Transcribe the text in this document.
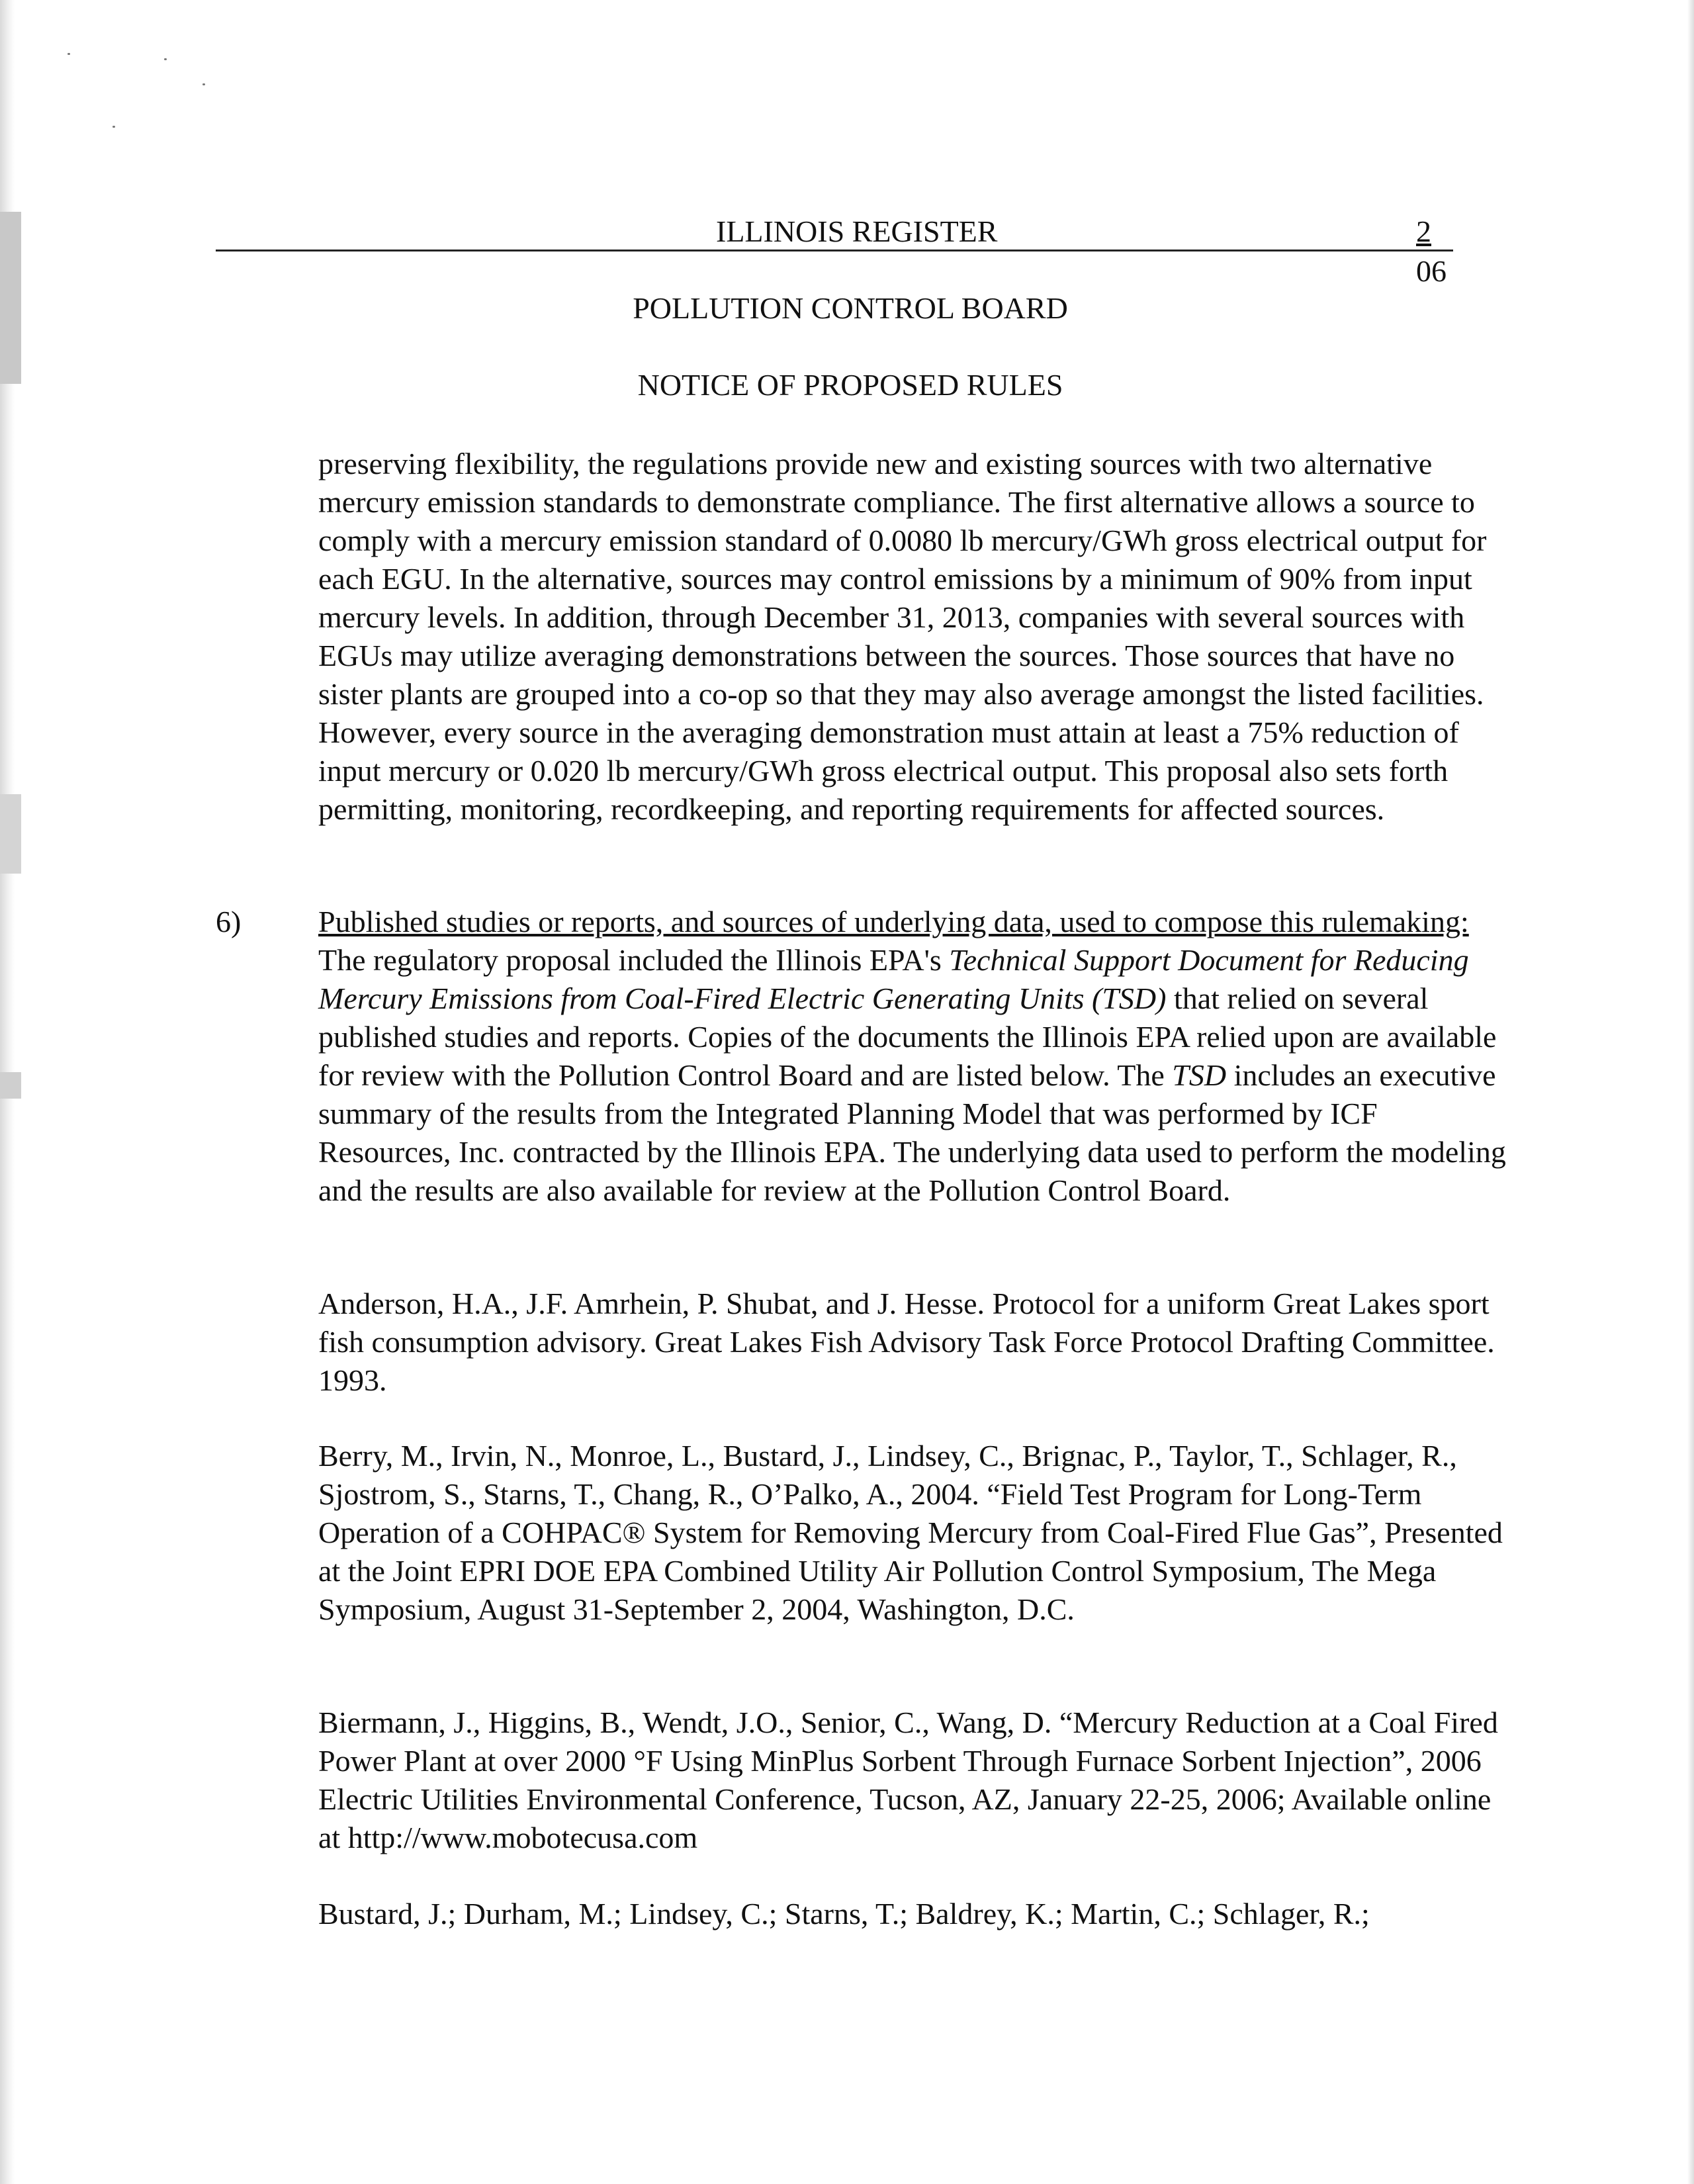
ILLINOIS REGISTER	2
06
POLLUTION CONTROL BOARD
NOTICE OF PROPOSED RULES

preserving flexibility, the regulations provide new and existing sources with two alternative mercury emission standards to demonstrate compliance. The first alternative allows a source to comply with a mercury emission standard of 0.0080 lb mercury/GWh gross electrical output for each EGU. In the alternative, sources may control emissions by a minimum of 90% from input mercury levels. In addition, through December 31, 2013, companies with several sources with EGUs may utilize averaging demonstrations between the sources. Those sources that have no sister plants are grouped into a co-op so that they may also average amongst the listed facilities. However, every source in the averaging demonstration must attain at least a 75% reduction of input mercury or 0.020 lb mercury/GWh gross electrical output. This proposal also sets forth permitting, monitoring, recordkeeping, and reporting requirements for affected sources.

6)	Published studies or reports, and sources of underlying data, used to compose this rulemaking: The regulatory proposal included the Illinois EPA's Technical Support Document for Reducing Mercury Emissions from Coal-Fired Electric Generating Units (TSD) that relied on several published studies and reports. Copies of the documents the Illinois EPA relied upon are available for review with the Pollution Control Board and are listed below. The TSD includes an executive summary of the results from the Integrated Planning Model that was performed by ICF Resources, Inc. contracted by the Illinois EPA. The underlying data used to perform the modeling and the results are also available for review at the Pollution Control Board.

Anderson, H.A., J.F. Amrhein, P. Shubat, and J. Hesse. Protocol for a uniform Great Lakes sport fish consumption advisory. Great Lakes Fish Advisory Task Force Protocol Drafting Committee. 1993.

Berry, M., Irvin, N., Monroe, L., Bustard, J., Lindsey, C., Brignac, P., Taylor, T., Schlager, R., Sjostrom, S., Starns, T., Chang, R., O’Palko, A., 2004. “Field Test Program for Long-Term Operation of a COHPAC® System for Removing Mercury from Coal-Fired Flue Gas”, Presented at the Joint EPRI DOE EPA Combined Utility Air Pollution Control Symposium, The Mega Symposium, August 31-September 2, 2004, Washington, D.C.

Biermann, J., Higgins, B., Wendt, J.O., Senior, C., Wang, D. “Mercury Reduction at a Coal Fired Power Plant at over 2000 °F Using MinPlus Sorbent Through Furnace Sorbent Injection”, 2006 Electric Utilities Environmental Conference, Tucson, AZ, January 22-25, 2006; Available online at http://www.mobotecusa.com

Bustard, J.; Durham, M.; Lindsey, C.; Starns, T.; Baldrey, K.; Martin, C.; Schlager, R.;
